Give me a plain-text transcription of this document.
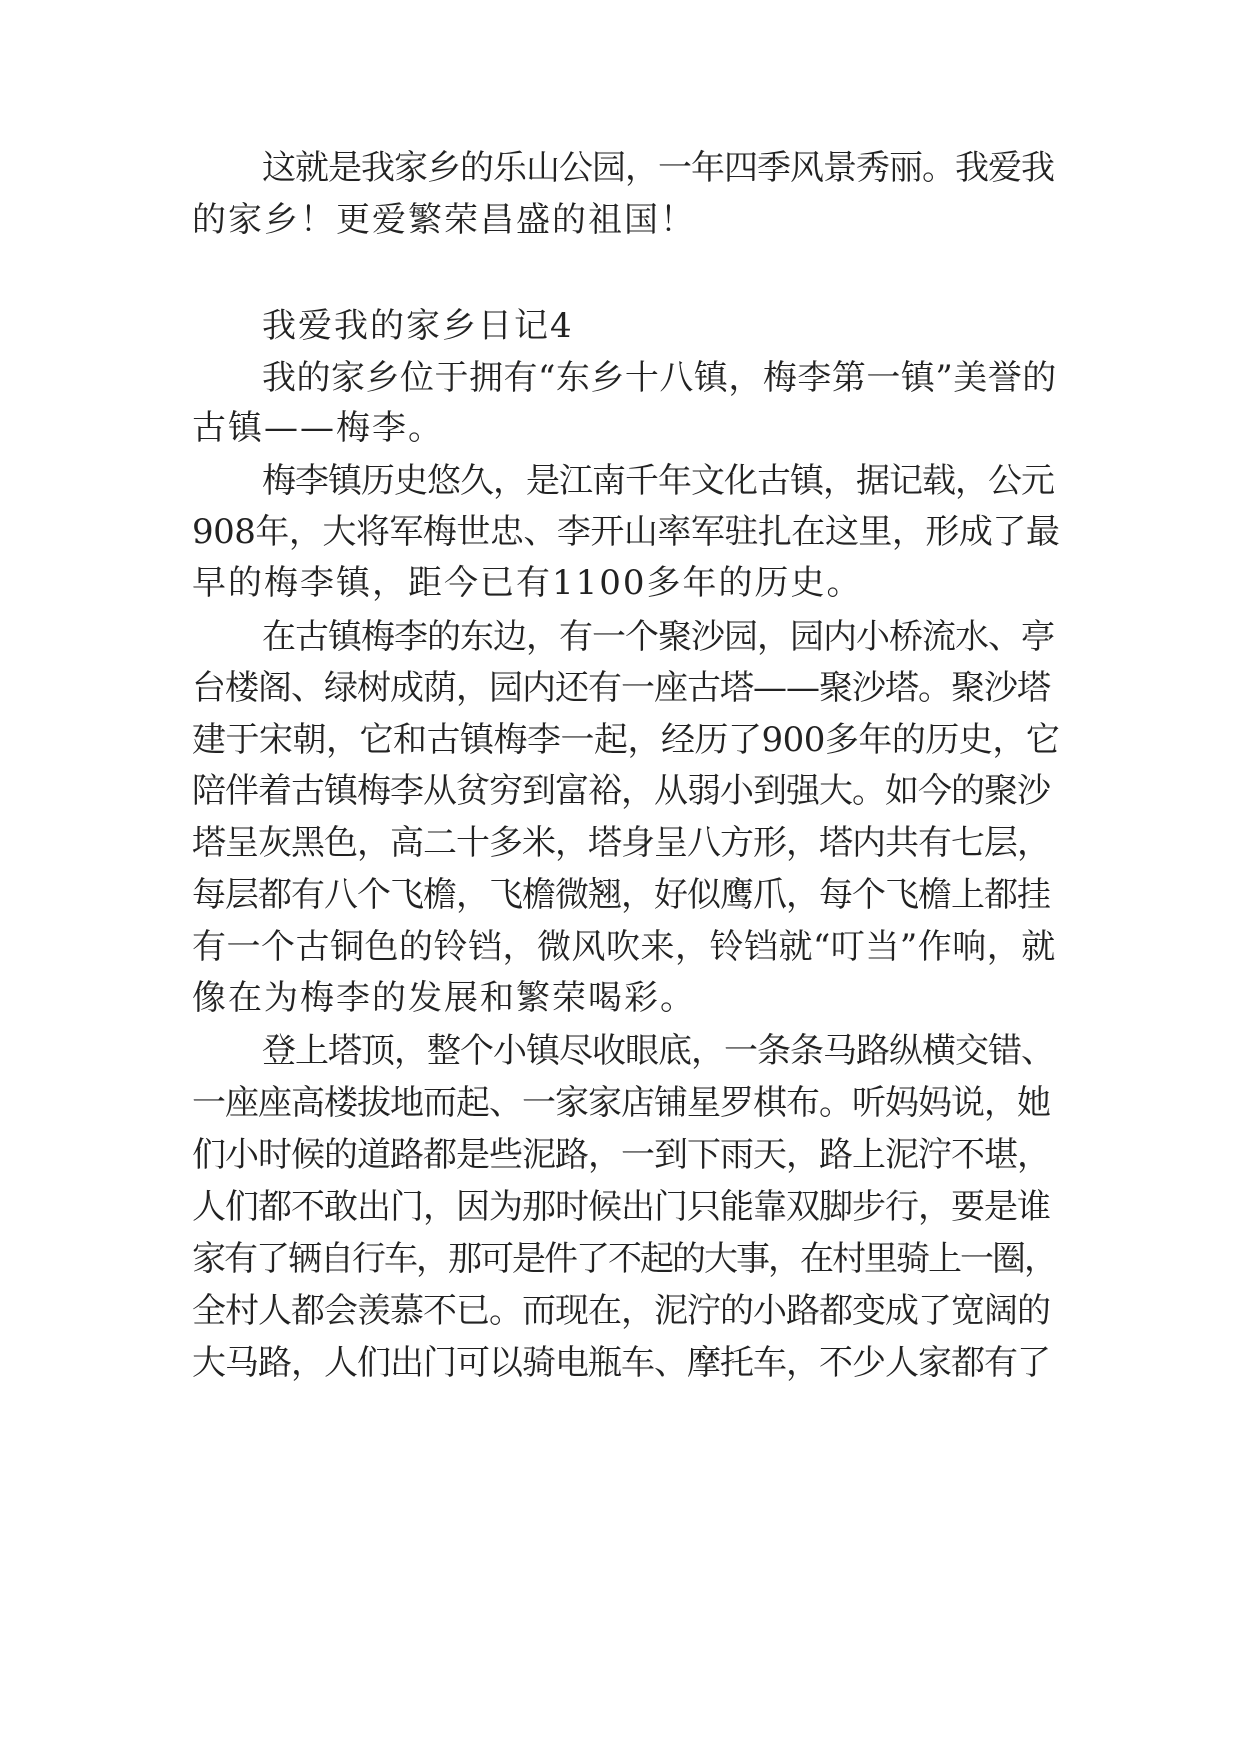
这就是我家乡的乐山公园，一年四季风景秀丽。我爱我
的家乡！更爱繁荣昌盛的祖国！
我爱我的家乡日记4
我的家乡位于拥有“东乡十八镇，梅李第一镇”美誉的
古镇——梅李。
梅李镇历史悠久，是江南千年文化古镇，据记载，公元
908年，大将军梅世忠、李开山率军驻扎在这里，形成了最
早的梅李镇，距今已有1100多年的历史。
在古镇梅李的东边，有一个聚沙园，园内小桥流水、亭
台楼阁、绿树成荫，园内还有一座古塔——聚沙塔。聚沙塔
建于宋朝，它和古镇梅李一起，经历了900多年的历史，它
陪伴着古镇梅李从贫穷到富裕，从弱小到强大。如今的聚沙
塔呈灰黑色，高二十多米，塔身呈八方形，塔内共有七层，
每层都有八个飞檐，飞檐微翘，好似鹰爪，每个飞檐上都挂
有一个古铜色的铃铛，微风吹来，铃铛就“叮当”作响，就
像在为梅李的发展和繁荣喝彩。
登上塔顶，整个小镇尽收眼底，一条条马路纵横交错、
一座座高楼拔地而起、一家家店铺星罗棋布。听妈妈说，她
们小时候的道路都是些泥路，一到下雨天，路上泥泞不堪，
人们都不敢出门，因为那时候出门只能靠双脚步行，要是谁
家有了辆自行车，那可是件了不起的大事，在村里骑上一圈，
全村人都会羡慕不已。而现在，泥泞的小路都变成了宽阔的
大马路，人们出门可以骑电瓶车、摩托车，不少人家都有了
